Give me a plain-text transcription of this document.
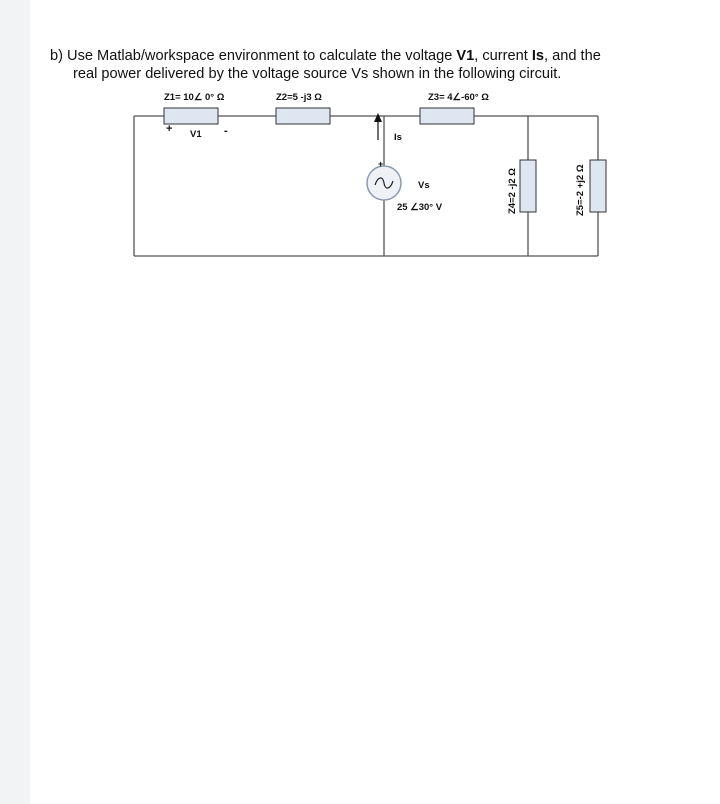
b) Use Matlab/workspace environment to calculate the voltage V1, current Is, and the
real power delivered by the voltage source Vs shown in the following circuit.
Z1= 10∠ 0° Ω	Z2=5 -j3 Ω	Z3= 4∠-60° Ω
+ V1 -
Is
+
Vs
25 ∠30° V	Z4=2 -j2 Ω	Z5=-2 +j2 Ω
